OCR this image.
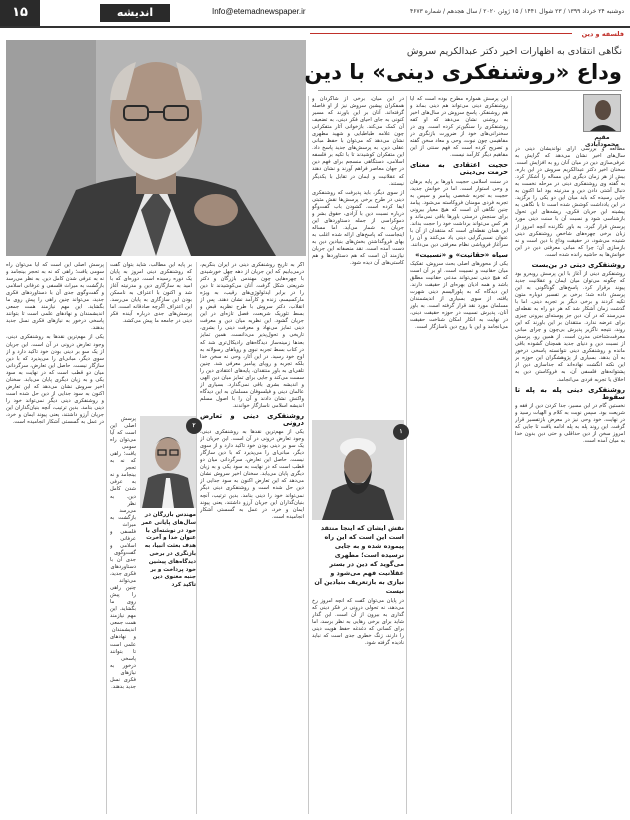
۱۵	اندیشه	Info@etemadnewspaper.ir	دوشنبه ۲۴ خرداد ۱۳۹۹ / ۲۳ شوال ۱۴۴۱ / ۱۵ ژوئن ۲۰۲۰ / سال هجدهم / شماره ۴۶۷۳
فلسفه و دین
نگاهی انتقادی به اظهارات اخیر دکتر عبدالکریم سروش
وداع «روشنفکری دینی» با دین
مقیم محمودآبادی

مطالعه و بررسی آرای نواندیشان دینی در سال‌های اخیر نشان می‌دهد که گرایش به عرفی‌سازی دین در میان آنان رو به افزایش است. سخنان اخیر دکتر عبدالکریم سروش در این باره، بیش از هر زمان دیگری این مساله را آشکار کرد. به گفته وی روشنفکری دینی در مرحله نخست به دنبال آشتی دادن دین و مدرنیته بود اما اکنون به جایی رسیده که باید میان این دو یکی را برگزید. در این یادداشت کوشش شده است تا با نگاهی به پیشینه این جریان فکری، ریشه‌های این تحول بازشناسی شود و نسبت آن با سنت دینی مورد پرسش قرار گیرد. به باور نگارنده آنچه امروز از زبان برخی چهره‌های شاخص روشنفکری دینی شنیده می‌شود، در حقیقت وداع با دین است و نه بازسازی آن؛ چرا که مبانی معرفتی دین در این خوانش‌ها به حاشیه رانده شده است.

روشنفکری دینی در بن‌بست

روشنفکری دینی از آغاز با این پرسش روبه‌رو بود که چگونه می‌توان میان ایمان و عقلانیت جدید پیوند برقرار کرد. پاسخ‌های گوناگونی به این پرسش داده شد؛ برخی بر تفسیر دوباره متون تکیه کردند و برخی دیگر بر تجربه دینی. اما با گذشت زمان آشکار شد که هر دو راه به نقطه‌ای می‌رسند که در آن، دین جز پوسته‌ای بیرونی چیزی برای عرضه ندارد. منتقدان بر این باورند که این روند، نتیجه ناگزیر پذیرش بی‌چون و چرای مبانی معرفت‌شناختی مدرن است. از همین رو، پرسش از نسبت دین و دنیای جدید همچنان گشوده باقی مانده و روشنفکری دینی نتوانسته پاسخی درخور به آن بدهد. بسیاری از پژوهشگران این حوزه بر این نکته انگشت نهاده‌اند که جداسازی دین از پشتوانه‌های فلسفی آن، به فروکاستن دین به اخلاق یا تجربه فردی می‌انجامد.

روشنفکری دینی پله به پله تا سقوط

نخستین گام در این مسیر، جدا کردن دین از فقه و شریعت بود. سپس نوبت به کلام و الهیات رسید و در نهایت، خود وحی نیز در معرض بازتفسیر قرار گرفت. این روند پله به پله ادامه یافت تا جایی که امروز سخن از دین حداقلی و حتی دین بدون خدا به میان آمده است.

این پرسش همواره مطرح بوده است که آیا روشنفکری دینی می‌تواند هم دینی بماند و هم روشنفکر. پاسخ سروش در سال‌های اخیر به روشنی نشان می‌دهد که او کفه روشنفکری را سنگین‌تر کرده است. وی در سخنرانی‌های خود از ضرورت بازنگری در مفاهیمی چون نبوت، وحی و معاد سخن گفته و تصریح کرده است که فهم سنتی از این مفاهیم دیگر کارآمد نیست.

حجیت اعتقادی به معنای حرمت بی‌دینی

در سنت اسلامی حجیت باورها بر پایه برهان و وحی استوار است. اما در خوانش جدید، حجیت به تجربه شخصی پیامبر و سپس به تجربه فردی مومنان فروکاسته می‌شود. پیامد چنین نگاهی آن است که هیچ معیار بیرونی برای سنجش درستی باورها باقی نمی‌ماند و هر کس می‌تواند برداشت خود را حجت بداند. این همان نقطه‌ای است که منتقدان از آن با عنوان نسبی‌گرایی دینی یاد می‌کنند و آن را سرآغاز فروپاشی نظام معرفتی دین می‌دانند.

سیاه «حقانیت» و «نسبیت»

یکی از محورهای اصلی بحث سروش، تفکیک میان حقانیت و نسبیت است. او بر آن است که هیچ دینی نمی‌تواند مدعی حقانیت مطلق باشد و همه ادیان بهره‌ای از حقیقت دارند. این دیدگاه که به پلورالیسم دینی شهرت یافته، از سوی بسیاری از اندیشمندان مسلمان مورد نقد قرار گرفته است. به باور آنان، پذیرش نسبیت در حوزه حقیقت دینی، در نهایت به انکار امکان شناخت حقیقت می‌انجامد و این با روح دین ناسازگار است.

در این میان، برخی از شاگردان و همفکران پیشین سروش نیز از او فاصله گرفته‌اند. آنان بر این باورند که مسیر کنونی به جای احیای فکر دینی، به تضعیف آن کمک می‌کند. بازخوانی آثار متفکرانی چون علامه طباطبایی و شهید مطهری نشان می‌دهد که می‌توان با حفظ مبانی عقلی دین، به پرسش‌های جدید پاسخ داد. این متفکران کوشیدند تا با تکیه بر فلسفه اسلامی، دستگاهی منسجم برای فهم دین در جهان معاصر فراهم آورند و نشان دهند که عقلانیت و ایمان در تقابل با یکدیگر نیستند.

از سوی دیگر، باید پذیرفت که روشنفکری دینی در طرح برخی پرسش‌ها نقش مثبتی ایفا کرده است. گشودن باب گفت‌وگو درباره نسبت دین با آزادی، حقوق بشر و دموکراسی از جمله دستاوردهای این جریان به شمار می‌آید. اما مساله اینجاست که پاسخ‌های ارائه شده اغلب به بهای فروگذاشتن بخش‌های بنیادین دین به دست آمده است. نقد منصفانه این جریان نیازمند آن است که هم دستاوردها و هم کاستی‌های آن دیده شود.

۱
نقش ایشان که اینجا منتقد است این است که این راه پیموده شده و به جایی نرسیده است؛ مطهری می‌گوید که دین در بستر عقلانیت فهم می‌شود و نیازی به بازتعریف بنیادین آن نیست

در پایان می‌توان گفت که آنچه امروز رخ می‌دهد، نه تحولی درونی در فکر دینی که گذاری به بیرون از آن است. این گذار شاید برای برخی رهایی به نظر برسد، اما برای کسانی که دغدغه حفظ هویت دینی را دارند، زنگ خطری جدی است که نباید نادیده گرفته شود.

اگر به تاریخ روشنفکری دینی در ایران بنگریم، درمی‌یابیم که این جریان از دهه چهل خورشیدی با چهره‌هایی چون مهندس بازرگان و دکتر شریعتی شکل گرفت. آنان می‌کوشیدند تا دین را در برابر ایدئولوژی‌های رقیب، به ویژه مارکسیسم، زنده و کارآمد نشان دهند. پس از انقلاب، دکتر سروش با طرح نظریه قبض و بسط تئوریک شریعت، فصل تازه‌ای در این جریان گشود. این نظریه میان دین و معرفت دینی تمایز می‌نهاد و معرفت دینی را بشری، تاریخی و تحول‌پذیر می‌دانست. همین تمایز بعدها زمینه‌ساز دیدگاه‌های رادیکال‌تری شد که در کتاب بسط تجربه نبوی و رویاهای رسولانه به اوج خود رسید. در این آثار، وحی نه سخن خدا بلکه تجربه و رویای پیامبر معرفی شد. چنین تلقی‌ای به باور منتقدان، پایه‌های اعتقادی دین را سست می‌کند و جایی برای تمایز میان دین الهی و اندیشه بشری باقی نمی‌گذارد. بسیاری از عالمان دینی و فیلسوفان مسلمان به این دیدگاه واکنش نشان دادند و آن را با اصول مسلم اندیشه اسلامی ناسازگار خواندند.

روشنفکری دینی و تعارض درونی

یکی از مهم‌ترین نقدها به روشنفکری دینی، وجود تعارض درونی در آن است. این جریان از یک سو بر دینی بودن خود تاکید دارد و از سوی دیگر، مبانی‌ای را می‌پذیرد که با دین سازگار نیست. حاصل این تعارض، سرگردانی میان دو قطب است که در نهایت به سود یکی و به زیان دیگری پایان می‌یابد. سخنان اخیر سروش نشان می‌دهد که این تعارض اکنون به سود جدایی از دین حل شده است و روشنفکری دینی دیگر نمی‌تواند خود را دینی بنامد. بدین ترتیب، آنچه بنیان‌گذاران این جریان آرزو داشتند، یعنی پیوند ایمان و خرد، در عمل به گسستی آشکار انجامیده است.

بر پایه این مطالب، شاید بتوان گفت که روشنفکری دینی امروز به پایان یک دوره رسیده است. دوره‌ای که با امید به سازگاری دین و مدرنیته آغاز شد و اکنون با اعتراف به ناممکن بودن این سازگاری به پایان می‌رسد. این اعتراف اگرچه صادقانه است، اما پرسش‌های جدی درباره آینده فکر دینی در جامعه ما پیش می‌کشد.

۲
مهندس بازرگان در سال‌های پایانی عمر خود در نوشته‌ای با عنوان خدا و آخرت هدف بعثت انبیا، به بازنگری در برخی دیدگاه‌های پیشین خود پرداخت و بر جنبه معنوی دین تاکید کرد

پرسش اصلی این است که آیا می‌توان راه سومی یافت؛ راهی که نه به تحجر بینجامد و نه به عرفی شدن کامل دین. به نظر می‌رسد بازگشت به میراث فلسفی و عرفانی اسلامی و گفت‌وگوی جدی آن با دستاوردهای فکری جدید، می‌تواند چنین راهی را پیش روی ما بگشاید. این مهم نیازمند همت جمعی اندیشمندان و نهادهای علمی است تا بتوانند پاسخی درخور به نیازهای فکری نسل جدید بدهند.

پرسش اصلی این است که آیا می‌توان راه سومی یافت؛ راهی که نه به تحجر بینجامد و نه به عرفی شدن کامل دین. به نظر می‌رسد بازگشت به میراث فلسفی و عرفانی اسلامی و گفت‌وگوی جدی آن با دستاوردهای فکری جدید، می‌تواند چنین راهی را پیش روی ما بگشاید. این مهم نیازمند همت جمعی اندیشمندان و نهادهای علمی است تا بتوانند پاسخی درخور به نیازهای فکری نسل جدید بدهند.

یکی از مهم‌ترین نقدها به روشنفکری دینی، وجود تعارض درونی در آن است. این جریان از یک سو بر دینی بودن خود تاکید دارد و از سوی دیگر، مبانی‌ای را می‌پذیرد که با دین سازگار نیست. حاصل این تعارض، سرگردانی میان دو قطب است که در نهایت به سود یکی و به زیان دیگری پایان می‌یابد. سخنان اخیر سروش نشان می‌دهد که این تعارض اکنون به سود جدایی از دین حل شده است و روشنفکری دینی دیگر نمی‌تواند خود را دینی بنامد. بدین ترتیب، آنچه بنیان‌گذاران این جریان آرزو داشتند، یعنی پیوند ایمان و خرد، در عمل به گسستی آشکار انجامیده است.
